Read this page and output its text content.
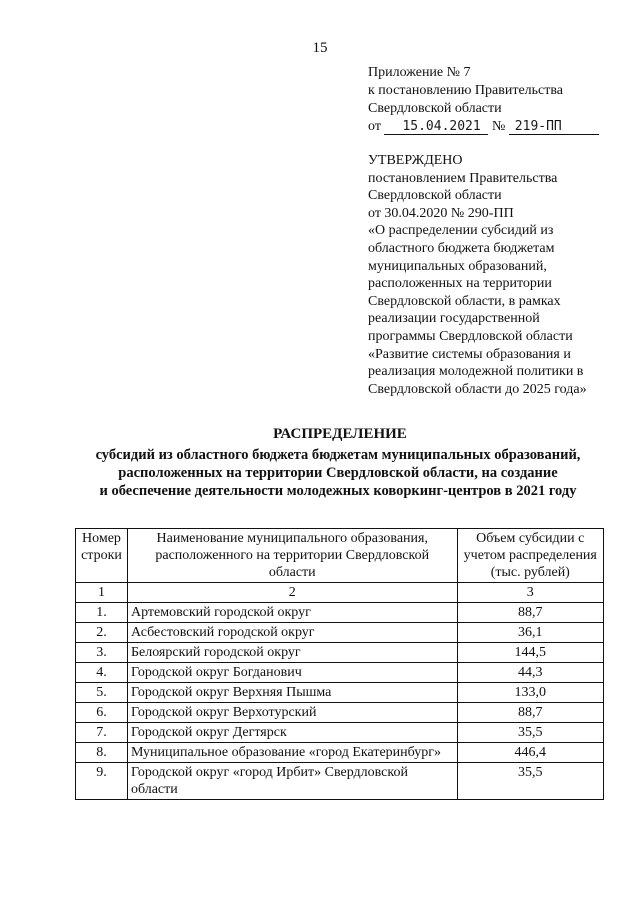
15
Приложение № 7
к постановлению Правительства
Свердловской области
от 15.04.2021 № 219-ПП
УТВЕРЖДЕНО
постановлением Правительства
Свердловской области
от 30.04.2020 № 290-ПП
«О распределении субсидий из
областного бюджета бюджетам
муниципальных образований,
расположенных на территории
Свердловской области, в рамках
реализации государственной
программы Свердловской области
«Развитие системы образования и
реализация молодежной политики в
Свердловской области до 2025 года»
РАСПРЕДЕЛЕНИЕ
субсидий из областного бюджета бюджетам муниципальных образований,
расположенных на территории Свердловской области, на создание
и обеспечение деятельности молодежных коворкинг-центров в 2021 году
Номер строки	Наименование муниципального образования, расположенного на территории Свердловской области	Объем субсидии с учетом распределения (тыс. рублей)
1	2	3
1.	Артемовский городской округ	88,7
2.	Асбестовский городской округ	36,1
3.	Белоярский городской округ	144,5
4.	Городской округ Богданович	44,3
5.	Городской округ Верхняя Пышма	133,0
6.	Городской округ Верхотурский	88,7
7.	Городской округ Дегтярск	35,5
8.	Муниципальное образование «город Екатеринбург»	446,4
9.	Городской округ «город Ирбит» Свердловской области	35,5
